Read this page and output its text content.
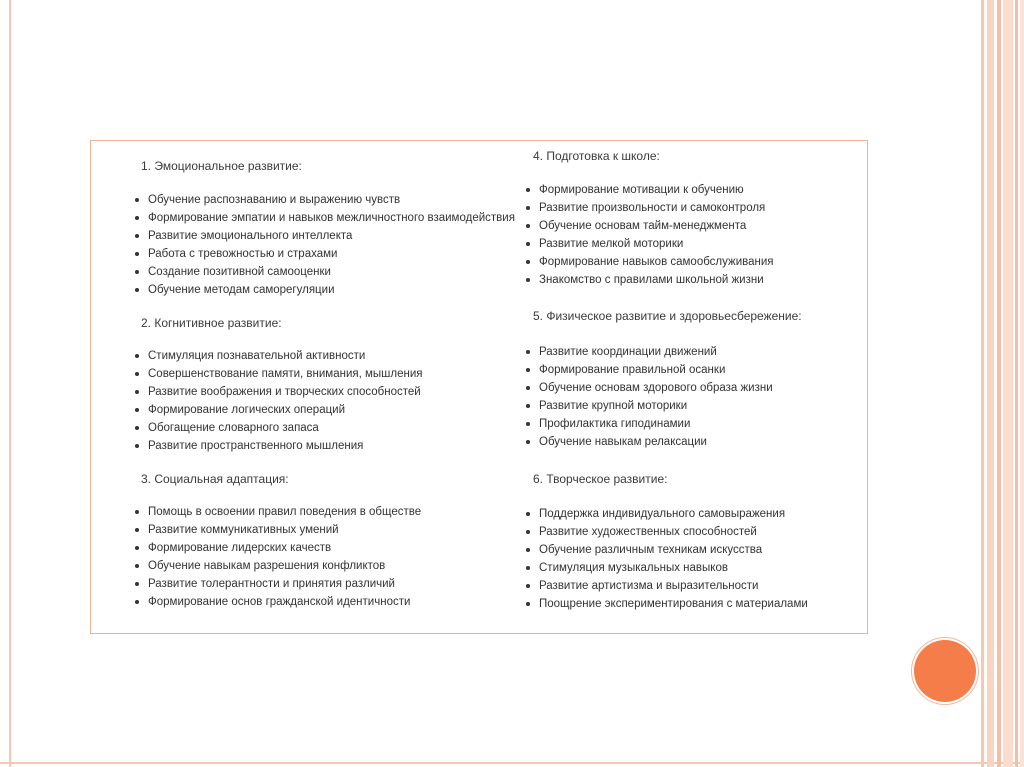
1. Эмоциональное развитие:

Обучение распознаванию и выражению чувств
Формирование эмпатии и навыков межличностного взаимодействия
Развитие эмоционального интеллекта
Работа с тревожностью и страхами
Создание позитивной самооценки
Обучение методам саморегуляции

2. Когнитивное развитие:

Стимуляция познавательной активности
Совершенствование памяти, внимания, мышления
Развитие воображения и творческих способностей
Формирование логических операций
Обогащение словарного запаса
Развитие пространственного мышления

3. Социальная адаптация:

Помощь в освоении правил поведения в обществе
Развитие коммуникативных умений
Формирование лидерских качеств
Обучение навыкам разрешения конфликтов
Развитие толерантности и принятия различий
Формирование основ гражданской идентичности

4. Подготовка к школе:

Формирование мотивации к обучению
Развитие произвольности и самоконтроля
Обучение основам тайм-менеджмента
Развитие мелкой моторики
Формирование навыков самообслуживания
Знакомство с правилами школьной жизни

5. Физическое развитие и здоровьесбережение:

Развитие координации движений
Формирование правильной осанки
Обучение основам здорового образа жизни
Развитие крупной моторики
Профилактика гиподинамии
Обучение навыкам релаксации

6. Творческое развитие:

Поддержка индивидуального самовыражения
Развитие художественных способностей
Обучение различным техникам искусства
Стимуляция музыкальных навыков
Развитие артистизма и выразительности
Поощрение экспериментирования с материалами
